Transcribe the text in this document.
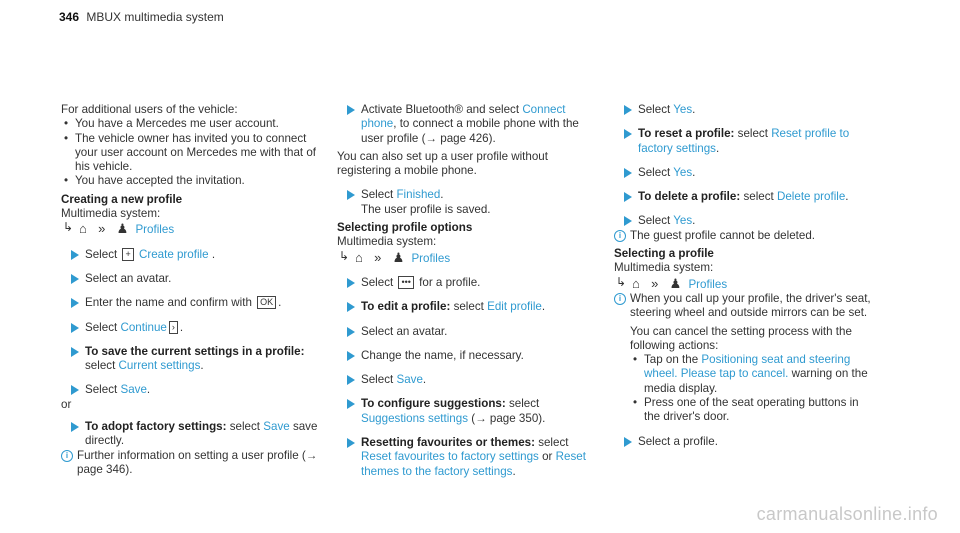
346 MBUX multimedia system

For additional users of the vehicle:

• You have a Mercedes me user account.
• The vehicle owner has invited you to connect your user account on Mercedes me with that of his vehicle.
• You have accepted the invitation.
Creating a new profile
Multimedia system:
↳ ⌂ » ♟ Profiles
Select + Create profile .
Select an avatar.
Enter the name and confirm with OK .
Select Continue › .
To save the current settings in a profile:
select Current settings.
Select Save.
or
To adopt factory settings: select Save save directly.
i Further information on setting a user profile (→ page 346).
Activate Bluetooth® and select Connect phone, to connect a mobile phone with the user profile (→ page 426).

You can also set up a user profile without registering a mobile phone.

Select Finished.
The user profile is saved.
Selecting profile options
Multimedia system:
↳ ⌂ » ♟ Profiles
Select ••• for a profile.
To edit a profile: select Edit profile.
Select an avatar.
Change the name, if necessary.
Select Save.
To configure suggestions: select Suggestions settings (→ page 350).
Resetting favourites or themes: select Reset favourites to factory settings or Reset themes to the factory settings.
Select Yes.
To reset a profile: select Reset profile to factory settings.
Select Yes.
To delete a profile: select Delete profile.
Select Yes.
i The guest profile cannot be deleted.
Selecting a profile
Multimedia system:
↳ ⌂ » ♟ Profiles
i When you call up your profile, the driver's seat, steering wheel and outside mirrors can be set.

You can cancel the setting process with the following actions:

• Tap on the Positioning seat and steering wheel. Please tap to cancel. warning on the media display.
• Press one of the seat operating buttons in the driver's door.
Select a profile.
carmanualsonline.info
